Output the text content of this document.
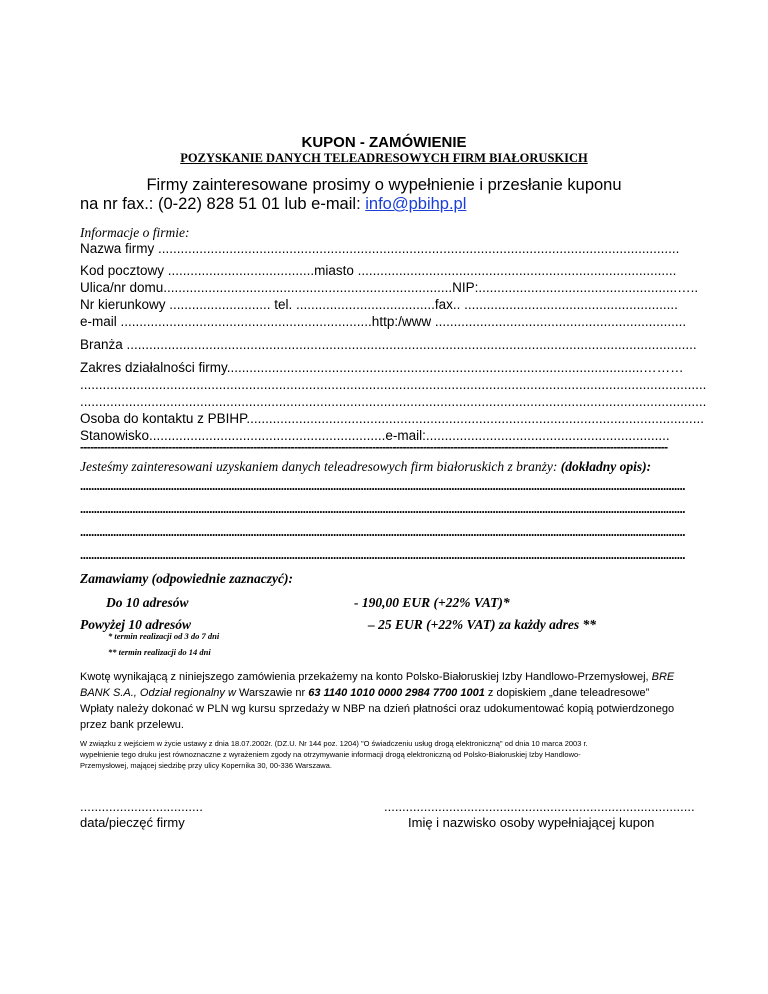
KUPON - ZAMÓWIENIE
POZYSKANIE DANYCH TELEADRESOWYCH FIRM BIAŁORUSKICH
Firmy zainteresowane prosimy o wypełnienie i przesłanie kuponu
na nr fax.: (0-22) 828 51 01 lub e-mail: info@pbihp.pl
Informacje o firmie:
Nazwa firmy ...........................................................................................................................................
Kod pocztowy .......................................miasto .....................................................................................
Ulica/nr domu.............................................................................NIP:.....................................................…..
Nr kierunkowy ........................... tel. .....................................fax.. .........................................................
e-mail ...................................................................http:/www ...................................................................
Branża ........................................................................................................................................................
Zakres działalności firmy...............................................................................................................………
.......................................................................................................................................................................
.......................................................................................................................................................................
Osoba do kontaktu z PBIHP..........................................................................................................................
Stanowisko...............................................................e-mail:.................................................................
-----------------------------------------------------------------------------------------------------------------------------------------------------------------------------
Jesteśmy zainteresowani uzyskaniem danych teleadresowych firm białoruskich z branży: (dokładny opis):
............................................................................................................................................................................................................................
............................................................................................................................................................................................................................
............................................................................................................................................................................................................................
............................................................................................................................................................................................................................
Zamawiamy (odpowiednie zaznaczyć):
Do 10 adresów	- 190,00 EUR (+22% VAT)*
Powyżej 10 adresów	– 25 EUR (+22% VAT) za każdy adres **
* termin realizacji od 3 do 7 dni
** termin realizacji do 14 dni
Kwotę wynikającą z niniejszego zamówienia przekażemy na konto Polsko-Białoruskiej Izby Handlowo-Przemysłowej, BRE
BANK S.A., Odział regionalny w Warszawie nr 63 1140 1010 0000 2984 7700 1001 z dopiskiem „dane teleadresowe”
Wpłaty należy dokonać w PLN wg kursu sprzedaży w NBP na dzień płatności oraz udokumentować kopią potwierdzonego
przez bank przelewu.
W związku z wejściem w życie ustawy z dnia 18.07.2002r. (DZ.U. Nr 144 poz. 1204) "O świadczeniu usług drogą elektroniczną" od dnia 10 marca 2003 r.
wypełnienie tego druku jest równoznaczne z wyrażeniem zgody na otrzymywanie informacji drogą elektroniczną od Polsko-Białoruskiej Izby Handlowo-
Przemysłowej, mającej siedzibę przy ulicy Kopernika 30, 00-336 Warszawa.
..................................
data/pieczęć firmy
......................................................................................
Imię i nazwisko osoby wypełniającej kupon
